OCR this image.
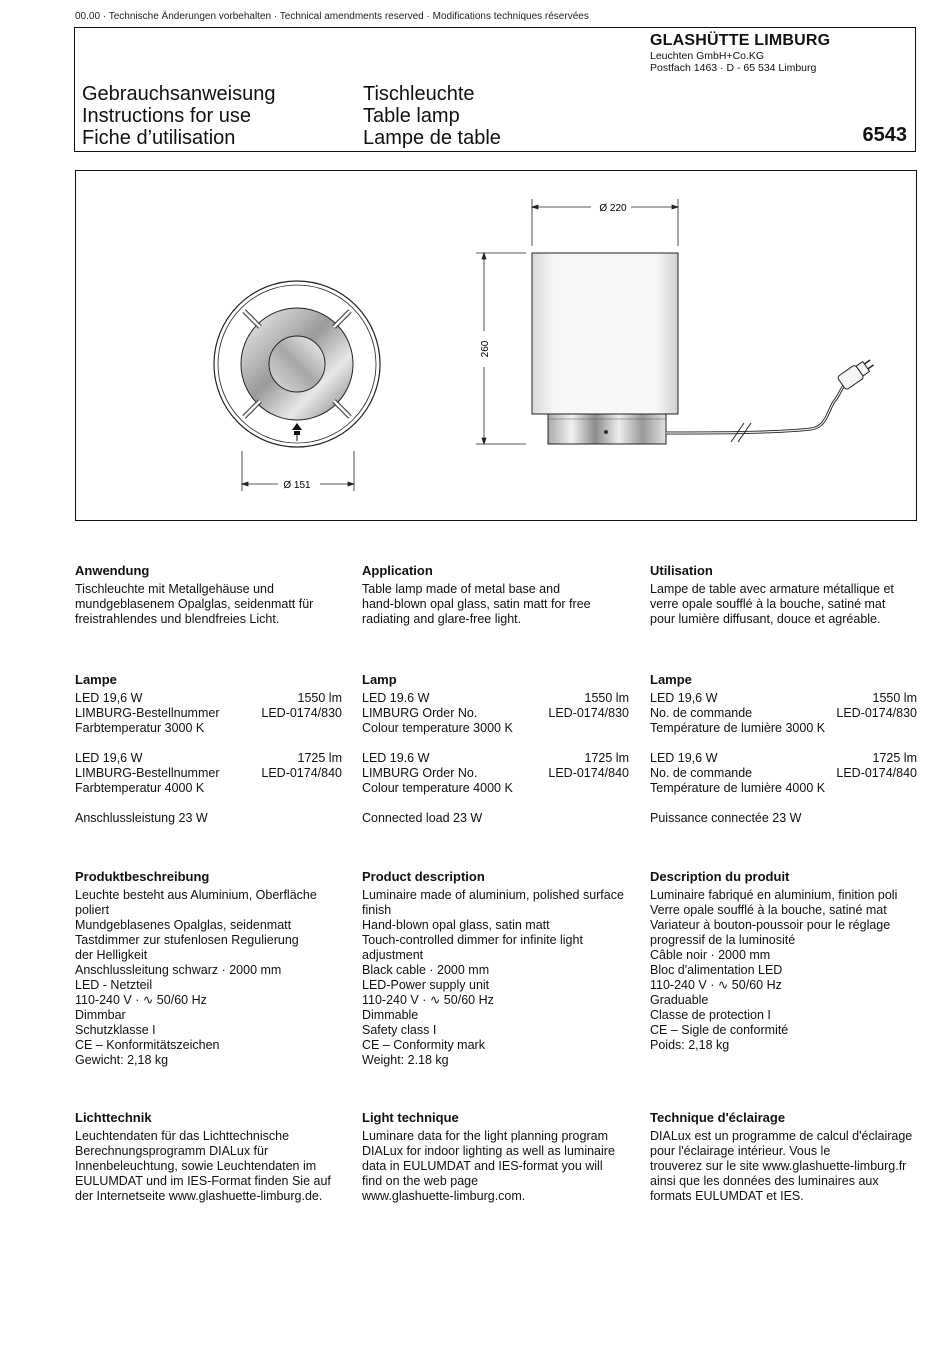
00.00 · Technische Änderungen vorbehalten · Technical amendments reserved · Modifications techniques réservées
GLASHÜTTE LIMBURG
Leuchten GmbH+Co.KG
Postfach 1463 · D - 65 534 Limburg
Gebrauchsanweisung
Instructions for use
Fiche d’utilisation
Tischleuchte
Table lamp
Lampe de table	6543
Ø 151
Ø 220
260
Anwendung
Tischleuchte mit Metallgehäuse und
mundgeblasenem Opalglas, seidenmatt für
freistrahlendes und blendfreies Licht.
Application
Table lamp made of metal base and
hand-blown opal glass, satin matt for free
radiating and glare-free light.
Utilisation
Lampe de table avec armature métallique et
verre opale soufflé à la bouche, satiné mat
pour lumière diffusant, douce et agréable.
Lampe
LED 19,6 W	1550 lm
LIMBURG-Bestellnummer	LED-0174/830
Farbtemperatur 3000 K
LED 19,6 W	1725 lm
LIMBURG-Bestellnummer	LED-0174/840
Farbtemperatur 4000 K
Anschlussleistung 23 W
Lamp
LED 19.6 W	1550 lm
LIMBURG Order No.	LED-0174/830
Colour temperature 3000 K
LED 19.6 W	1725 lm
LIMBURG Order No.	LED-0174/840
Colour temperature 4000 K
Connected load 23 W
Lampe
LED 19,6 W	1550 lm
No. de commande	LED-0174/830
Température de lumière 3000 K
LED 19,6 W	1725 lm
No. de commande	LED-0174/840
Température de lumière 4000 K
Puissance connectée 23 W
Produktbeschreibung
Leuchte besteht aus Aluminium, Oberfläche
poliert
Mundgeblasenes Opalglas, seidenmatt
Tastdimmer zur stufenlosen Regulierung
der Helligkeit
Anschlussleitung schwarz · 2000 mm
LED - Netzteil
110-240 V · ∿ 50/60 Hz
Dimmbar
Schutzklasse I
CE – Konformitätszeichen
Gewicht: 2,18 kg
Product description
Luminaire made of aluminium, polished surface
finish
Hand-blown opal glass, satin matt
Touch-controlled dimmer for infinite light
adjustment
Black cable · 2000 mm
LED-Power supply unit
110-240 V · ∿ 50/60 Hz
Dimmable
Safety class I
CE – Conformity mark
Weight: 2.18 kg
Description du produit
Luminaire fabriqué en aluminium, finition poli
Verre opale soufflé à la bouche, satiné mat
Variateur à bouton-poussoir pour le réglage
progressif de la luminosité
Câble noir · 2000 mm
Bloc d'alimentation LED
110-240 V · ∿ 50/60 Hz
Graduable
Classe de protection I
CE – Sigle de conformité
Poids: 2,18 kg
Lichttechnik
Leuchtendaten für das Lichttechnische
Berechnungsprogramm DIALux für
Innenbeleuchtung, sowie Leuchtendaten im
EULUMDAT und im IES-Format finden Sie auf
der Internetseite www.glashuette-limburg.de.
Light technique
Luminare data for the light planning program
DIALux for indoor lighting as well as luminaire
data in EULUMDAT and IES-format you will
find on the web page
www.glashuette-limburg.com.
Technique d'éclairage
DIALux est un programme de calcul d'éclairage
pour l'éclairage intérieur. Vous le
trouverez sur le site www.glashuette-limburg.fr
ainsi que les données des luminaires aux
formats EULUMDAT et IES.
